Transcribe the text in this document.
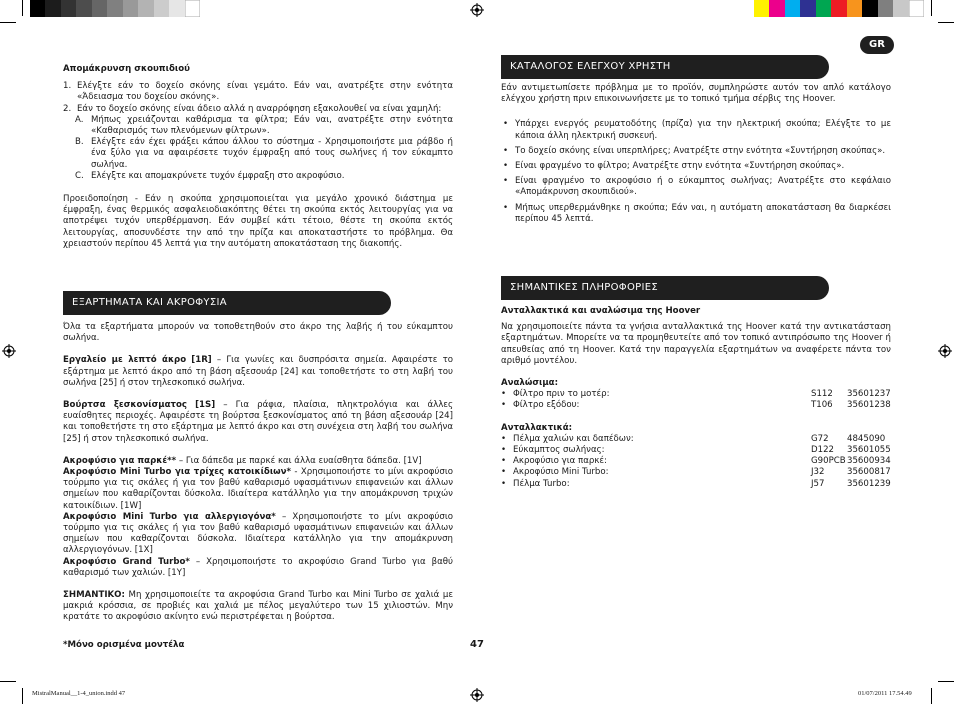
GR

Απομάκρυνση σκουπιδιού

1. Ελέγξτε εάν το δοχείο σκόνης είναι γεμάτο. Εάν ναι, ανατρέξτε στην ενότητα «Άδειασμα του δοχείου σκόνης».
2. Εάν το δοχείο σκόνης είναι άδειο αλλά η αναρρόφηση εξακολουθεί να είναι χαμηλή:
A. Μήπως χρειάζονται καθάρισμα τα φίλτρα; Εάν ναι, ανατρέξτε στην ενότητα «Καθαρισμός των πλενόμενων φίλτρων».
B. Ελέγξτε εάν έχει φράξει κάπου άλλου το σύστημα - Χρησιμοποιήστε μια ράβδο ή ένα ξύλο για να αφαιρέσετε τυχόν έμφραξη από τους σωλήνες ή τον εύκαμπτο σωλήνα.
C. Ελέγξτε και απομακρύνετε τυχόν έμφραξη στο ακροφύσιο.

Προειδοποίηση - Εάν η σκούπα χρησιμοποιείται για μεγάλο χρονικό διάστημα με έμφραξη, ένας θερμικός ασφαλειοδιακόπτης θέτει τη σκούπα εκτός λειτουργίας για να αποτρέψει τυχόν υπερθέρμανση. Εάν συμβεί κάτι τέτοιο, θέστε τη σκούπα εκτός λειτουργίας, αποσυνδέστε την από την πρίζα και αποκαταστήστε το πρόβλημα. Θα χρειαστούν περίπου 45 λεπτά για την αυτόματη αποκατάσταση της διακοπής.

ΕΞΑΡΤΗΜΑΤΑ ΚΑΙ ΑΚΡΟΦΥΣΙΑ

Όλα τα εξαρτήματα μπορούν να τοποθετηθούν στο άκρο της λαβής ή του εύκαμπτου σωλήνα.

Εργαλείο με λεπτό άκρο [1R] – Για γωνίες και δυσπρόσιτα σημεία. Αφαιρέστε το εξάρτημα με λεπτό άκρο από τη βάση αξεσουάρ [24] και τοποθετήστε το στη λαβή του σωλήνα [25] ή στον τηλεσκοπικό σωλήνα.

Βούρτσα ξεσκονίσματος [1S] – Για ράφια, πλαίσια, πληκτρολόγια και άλλες ευαίσθητες περιοχές. Αφαιρέστε τη βούρτσα ξεσκονίσματος από τη βάση αξεσουάρ [24] και τοποθετήστε τη στο εξάρτημα με λεπτό άκρο και στη συνέχεια στη λαβή του σωλήνα [25] ή στον τηλεσκοπικό σωλήνα.

Ακροφύσιο για παρκέ** – Για δάπεδα με παρκέ και άλλα ευαίσθητα δάπεδα. [1V]

Ακροφύσιο Mini Turbo για τρίχες κατοικίδιων* - Χρησιμοποιήστε το μίνι ακροφύσιο τούρμπο για τις σκάλες ή για τον βαθύ καθαρισμό υφασμάτινων επιφανειών και άλλων σημείων που καθαρίζονται δύσκολα. Ιδιαίτερα κατάλληλο για την απομάκρυνση τριχών κατοικίδιων. [1W]

Ακροφύσιο Mini Turbo για αλλεργιογόνα* – Χρησιμοποιήστε το μίνι ακροφύσιο τούρμπο για τις σκάλες ή για τον βαθύ καθαρισμό υφασμάτινων επιφανειών και άλλων σημείων που καθαρίζονται δύσκολα. Ιδιαίτερα κατάλληλο για την απομάκρυνση αλλεργιογόνων. [1X]

Ακροφύσιο Grand Turbo* – Χρησιμοποιήστε το ακροφύσιο Grand Turbo για βαθύ καθαρισμό των χαλιών. [1Y]

ΣΗΜΑΝΤΙΚΟ: Μη χρησιμοποιείτε τα ακροφύσια Grand Turbo και Mini Turbo σε χαλιά με μακριά κρόσσια, σε προβιές και χαλιά με πέλος μεγαλύτερο των 15 χιλιοστών. Μην κρατάτε το ακροφύσιο ακίνητο ενώ περιστρέφεται η βούρτσα.

*Μόνο ορισμένα μοντέλα	47

ΚΑΤΑΛΟΓΟΣ ΕΛΕΓΧΟΥ ΧΡΗΣΤΗ

Εάν αντιμετωπίσετε πρόβλημα με το προϊόν, συμπληρώστε αυτόν τον απλό κατάλογο ελέγχου χρήστη πριν επικοινωνήσετε με το τοπικό τμήμα σέρβις της Hoover.

• Υπάρχει ενεργός ρευματοδότης (πρίζα) για την ηλεκτρική σκούπα; Ελέγξτε το με κάποια άλλη ηλεκτρική συσκευή.
• Το δοχείο σκόνης είναι υπερπλήρες; Ανατρέξτε στην ενότητα «Συντήρηση σκούπας».
• Είναι φραγμένο το φίλτρο; Ανατρέξτε στην ενότητα «Συντήρηση σκούπας».
• Είναι φραγμένο το ακροφύσιο ή ο εύκαμπτος σωλήνας; Ανατρέξτε στο κεφάλαιο «Απομάκρυνση σκουπιδιού».
• Μήπως υπερθερμάνθηκε η σκούπα; Εάν ναι, η αυτόματη αποκατάσταση θα διαρκέσει περίπου 45 λεπτά.
ΣΗΜΑΝΤΙΚΕΣ ΠΛΗΡΟΦΟΡΙΕΣ

Ανταλλακτικά και αναλώσιμα της Hoover

Να χρησιμοποιείτε πάντα τα γνήσια ανταλλακτικά της Hoover κατά την αντικατάσταση εξαρτημάτων. Μπορείτε να τα προμηθευτείτε από τον τοπικό αντιπρόσωπο της Hoover ή απευθείας από τη Hoover. Κατά την παραγγελία εξαρτημάτων να αναφέρετε πάντα τον αριθμό μοντέλου.

Αναλώσιμα:

• Φίλτρο πριν το μοτέρ:	S112 35601237
• Φίλτρο εξόδου:	T106 35601238

Ανταλλακτικά:

• Πέλμα χαλιών και δαπέδων:	G72 4845090
• Εύκαμπτος σωλήνας:	D122 35601055
• Ακροφύσιο για παρκέ:	G90PCB 35600934
• Ακροφύσιο Mini Turbo:	J32	35600817
• Πέλμα Turbo:	J57	35601239

MistralManual__1-4_union.indd 47	01/07/2011 17.54.49
